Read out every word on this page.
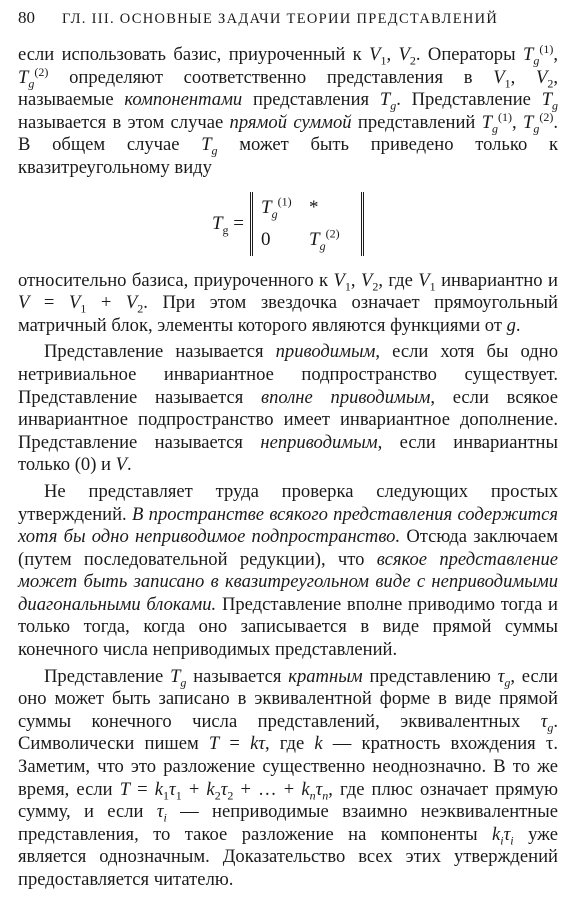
80	ГЛ. III. ОСНОВНЫЕ ЗАДАЧИ ТЕОРИИ ПРЕДСТАВЛЕНИЙ

если использовать базис, приуроченный к $V_1$, $V_2$. Операторы $T_g^{(1)}$, $T_g^{(2)}$ определяют соответственно представления в $V_1$, $V_2$, называемые компонентами представления $T_g$. Представление $T_g$ называется в этом случае прямой суммой представлений $T_g^{(1)}$, $T_g^{(2)}$. В общем случае $T_g$ может быть приведено только к квазитреугольному виду

$T_g$ =
$T_g^{(1)}$ *
0	$T_g^{(2)}$

относительно базиса, приуроченного к $V_1$, $V_2$, где $V_1$ инвариантно и $V = V_1 + V_2$. При этом звездочка означает прямоугольный матричный блок, элементы которого являются функциями от g.

Представление называется приводимым, если хотя бы одно нетривиальное инвариантное подпространство существует. Представление называется вполне приводимым, если всякое инвариантное подпространство имеет инвариантное дополнение. Представление называется неприводимым, если инвариантны только (0) и V.

Не представляет труда проверка следующих простых утверждений. В пространстве всякого представления содержится хотя бы одно неприводимое подпространство. Отсюда заключаем (путем последовательной редукции), что всякое представление может быть записано в квазитреугольном виде с неприводимыми диагональными блоками. Представление вполне приводимо тогда и только тогда, когда оно записывается в виде прямой суммы конечного числа неприводимых представлений.

Представление $T_g$ называется кратным представлению $\tau_g$, если оно может быть записано в эквивалентной форме в виде прямой суммы конечного числа представлений, эквивалентных $\tau_g$. Символически пишем T = kτ, где k — кратность вхождения τ. Заметим, что это разложение существенно неоднозначно. В то же время, если $T = k_1\tau_1 + k_2\tau_2$ + … + $k_n\tau_n$, где плюс означает прямую сумму, и если $\tau_i$ — неприводимые взаимно неэквивалентные представления, то такое разложение на компоненты $k_i\tau_i$ уже является однозначным. Доказательство всех этих утверждений предоставляется читателю.
